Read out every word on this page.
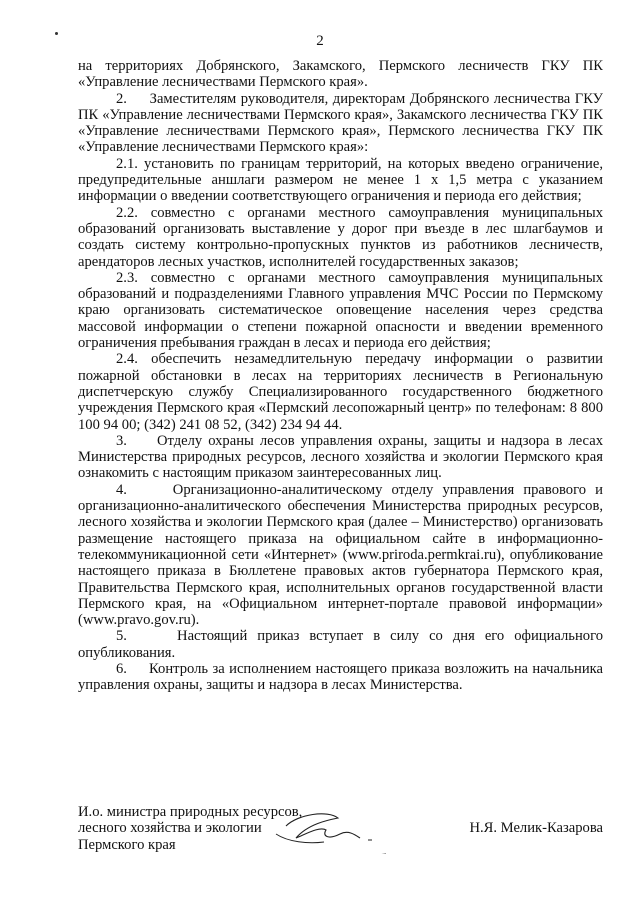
2

на территориях Добрянского, Закамского, Пермского лесничеств ГКУ ПК «Управление лесничествами Пермского края».

2.     Заместителям руководителя, директорам Добрянского лесничества ГКУ ПК «Управление лесничествами Пермского края», Закамского лесничества ГКУ ПК «Управление лесничествами Пермского края», Пермского лесничества ГКУ ПК «Управление лесничествами Пермского края»:

2.1. установить по границам территорий, на которых введено ограничение, предупредительные аншлаги размером не менее 1 х 1,5 метра с указанием информации о введении соответствующего ограничения и периода его действия;

2.2. совместно с органами местного самоуправления муниципальных образований организовать выставление у дорог при въезде в лес шлагбаумов и создать систему контрольно-пропускных пунктов из работников лесничеств, арендаторов лесных участков, исполнителей государственных заказов;

2.3. совместно с органами местного самоуправления муниципальных образований и подразделениями Главного управления МЧС России по Пермскому краю организовать систематическое оповещение населения через средства массовой информации о степени пожарной опасности и введении временного ограничения пребывания граждан в лесах и периода его действия;

2.4. обеспечить незамедлительную передачу информации о развитии пожарной обстановки в лесах на территориях лесничеств в Региональную диспетчерскую службу Специализированного государственного бюджетного учреждения Пермского края «Пермский лесопожарный центр» по телефонам: 8 800 100 94 00; (342) 241 08 52, (342) 234 94 44.

3.     Отделу охраны лесов управления охраны, защиты и надзора в лесах Министерства природных ресурсов, лесного хозяйства и экологии Пермского края ознакомить с настоящим приказом заинтересованных лиц.

4.     Организационно-аналитическому отделу управления правового и организационно-аналитического обеспечения Министерства природных ресурсов, лесного хозяйства и экологии Пермского края (далее – Министерство) организовать размещение настоящего приказа на официальном сайте в информационно-телекоммуникационной сети «Интернет» (www.priroda.permkrai.ru), опубликование настоящего приказа в Бюллетене правовых актов губернатора Пермского края, Правительства Пермского края, исполнительных органов государственной власти Пермского края, на «Официальном интернет-портале правовой информации» (www.pravo.gov.ru).

5.     Настоящий приказ вступает в силу со дня его официального опубликования.

6.     Контроль за исполнением настоящего приказа возложить на начальника управления охраны, защиты и надзора в лесах Министерства.

И.о. министра природных ресурсов,
лесного хозяйства и экологии
Пермского края
Н.Я. Мелик-Казарова
